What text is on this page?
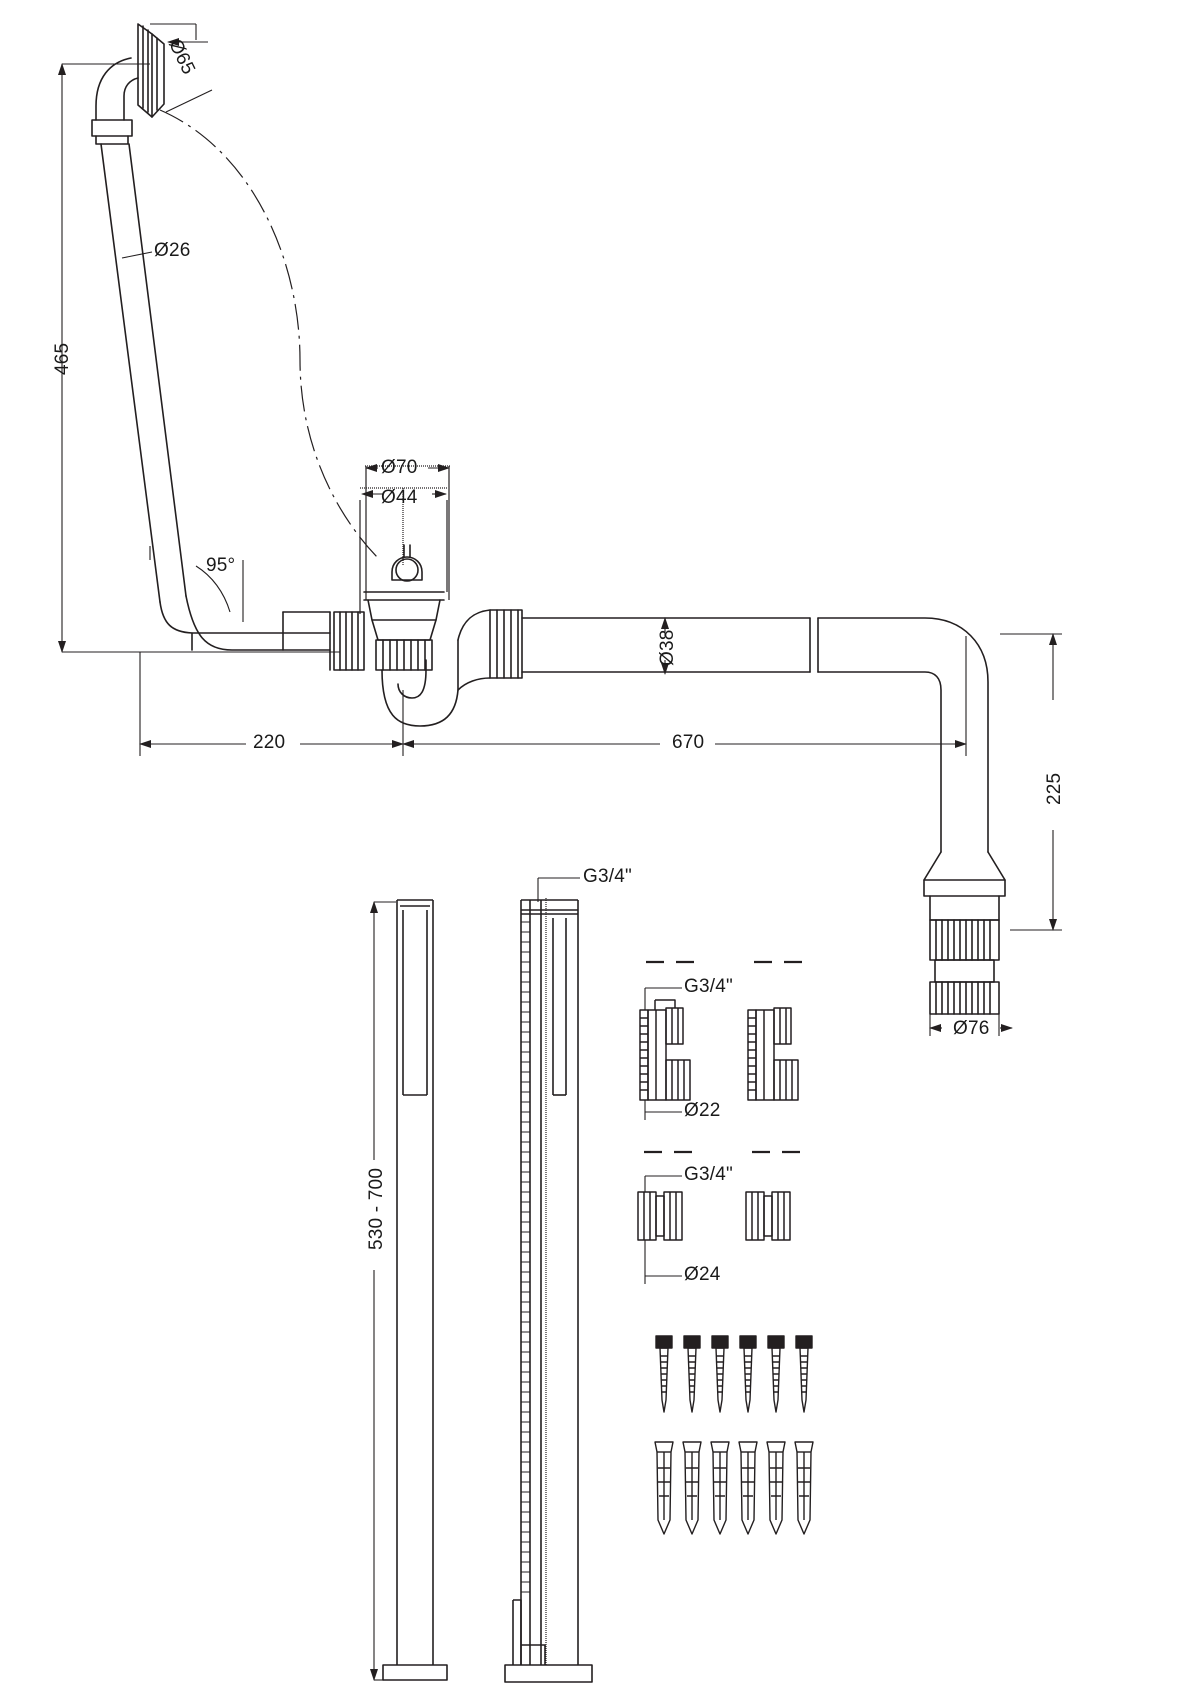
Ø65
Ø26
465
95°
Ø70
Ø44
Ø38
220	670
225
Ø76
530 - 700
G3/4"
G3/4"
Ø22
G3/4"
Ø24
